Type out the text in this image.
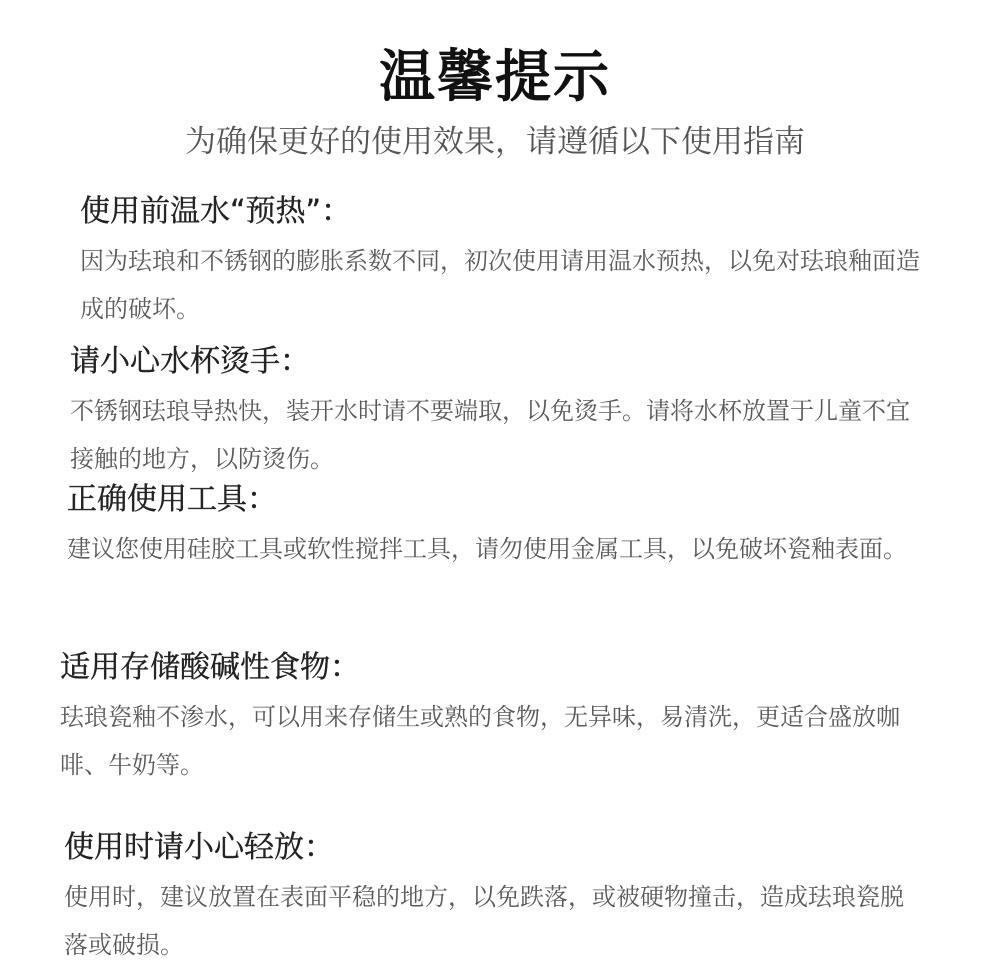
温馨提示
为确保更好的使用效果，请遵循以下使用指南
使用前温水“预热”：

因为珐琅和不锈钢的膨胀系数不同，初次使用请用温水预热，以免对珐琅釉面造成的破坏。

请小心水杯烫手：

不锈钢珐琅导热快，装开水时请不要端取，以免烫手。请将水杯放置于儿童不宜接触的地方，以防烫伤。

正确使用工具：

建议您使用硅胶工具或软性搅拌工具，请勿使用金属工具，以免破坏瓷釉表面。

适用存储酸碱性食物：

珐琅瓷釉不渗水，可以用来存储生或熟的食物，无异味，易清洗，更适合盛放咖啡、牛奶等。

使用时请小心轻放：

使用时，建议放置在表面平稳的地方，以免跌落，或被硬物撞击，造成珐琅瓷脱落或破损。
